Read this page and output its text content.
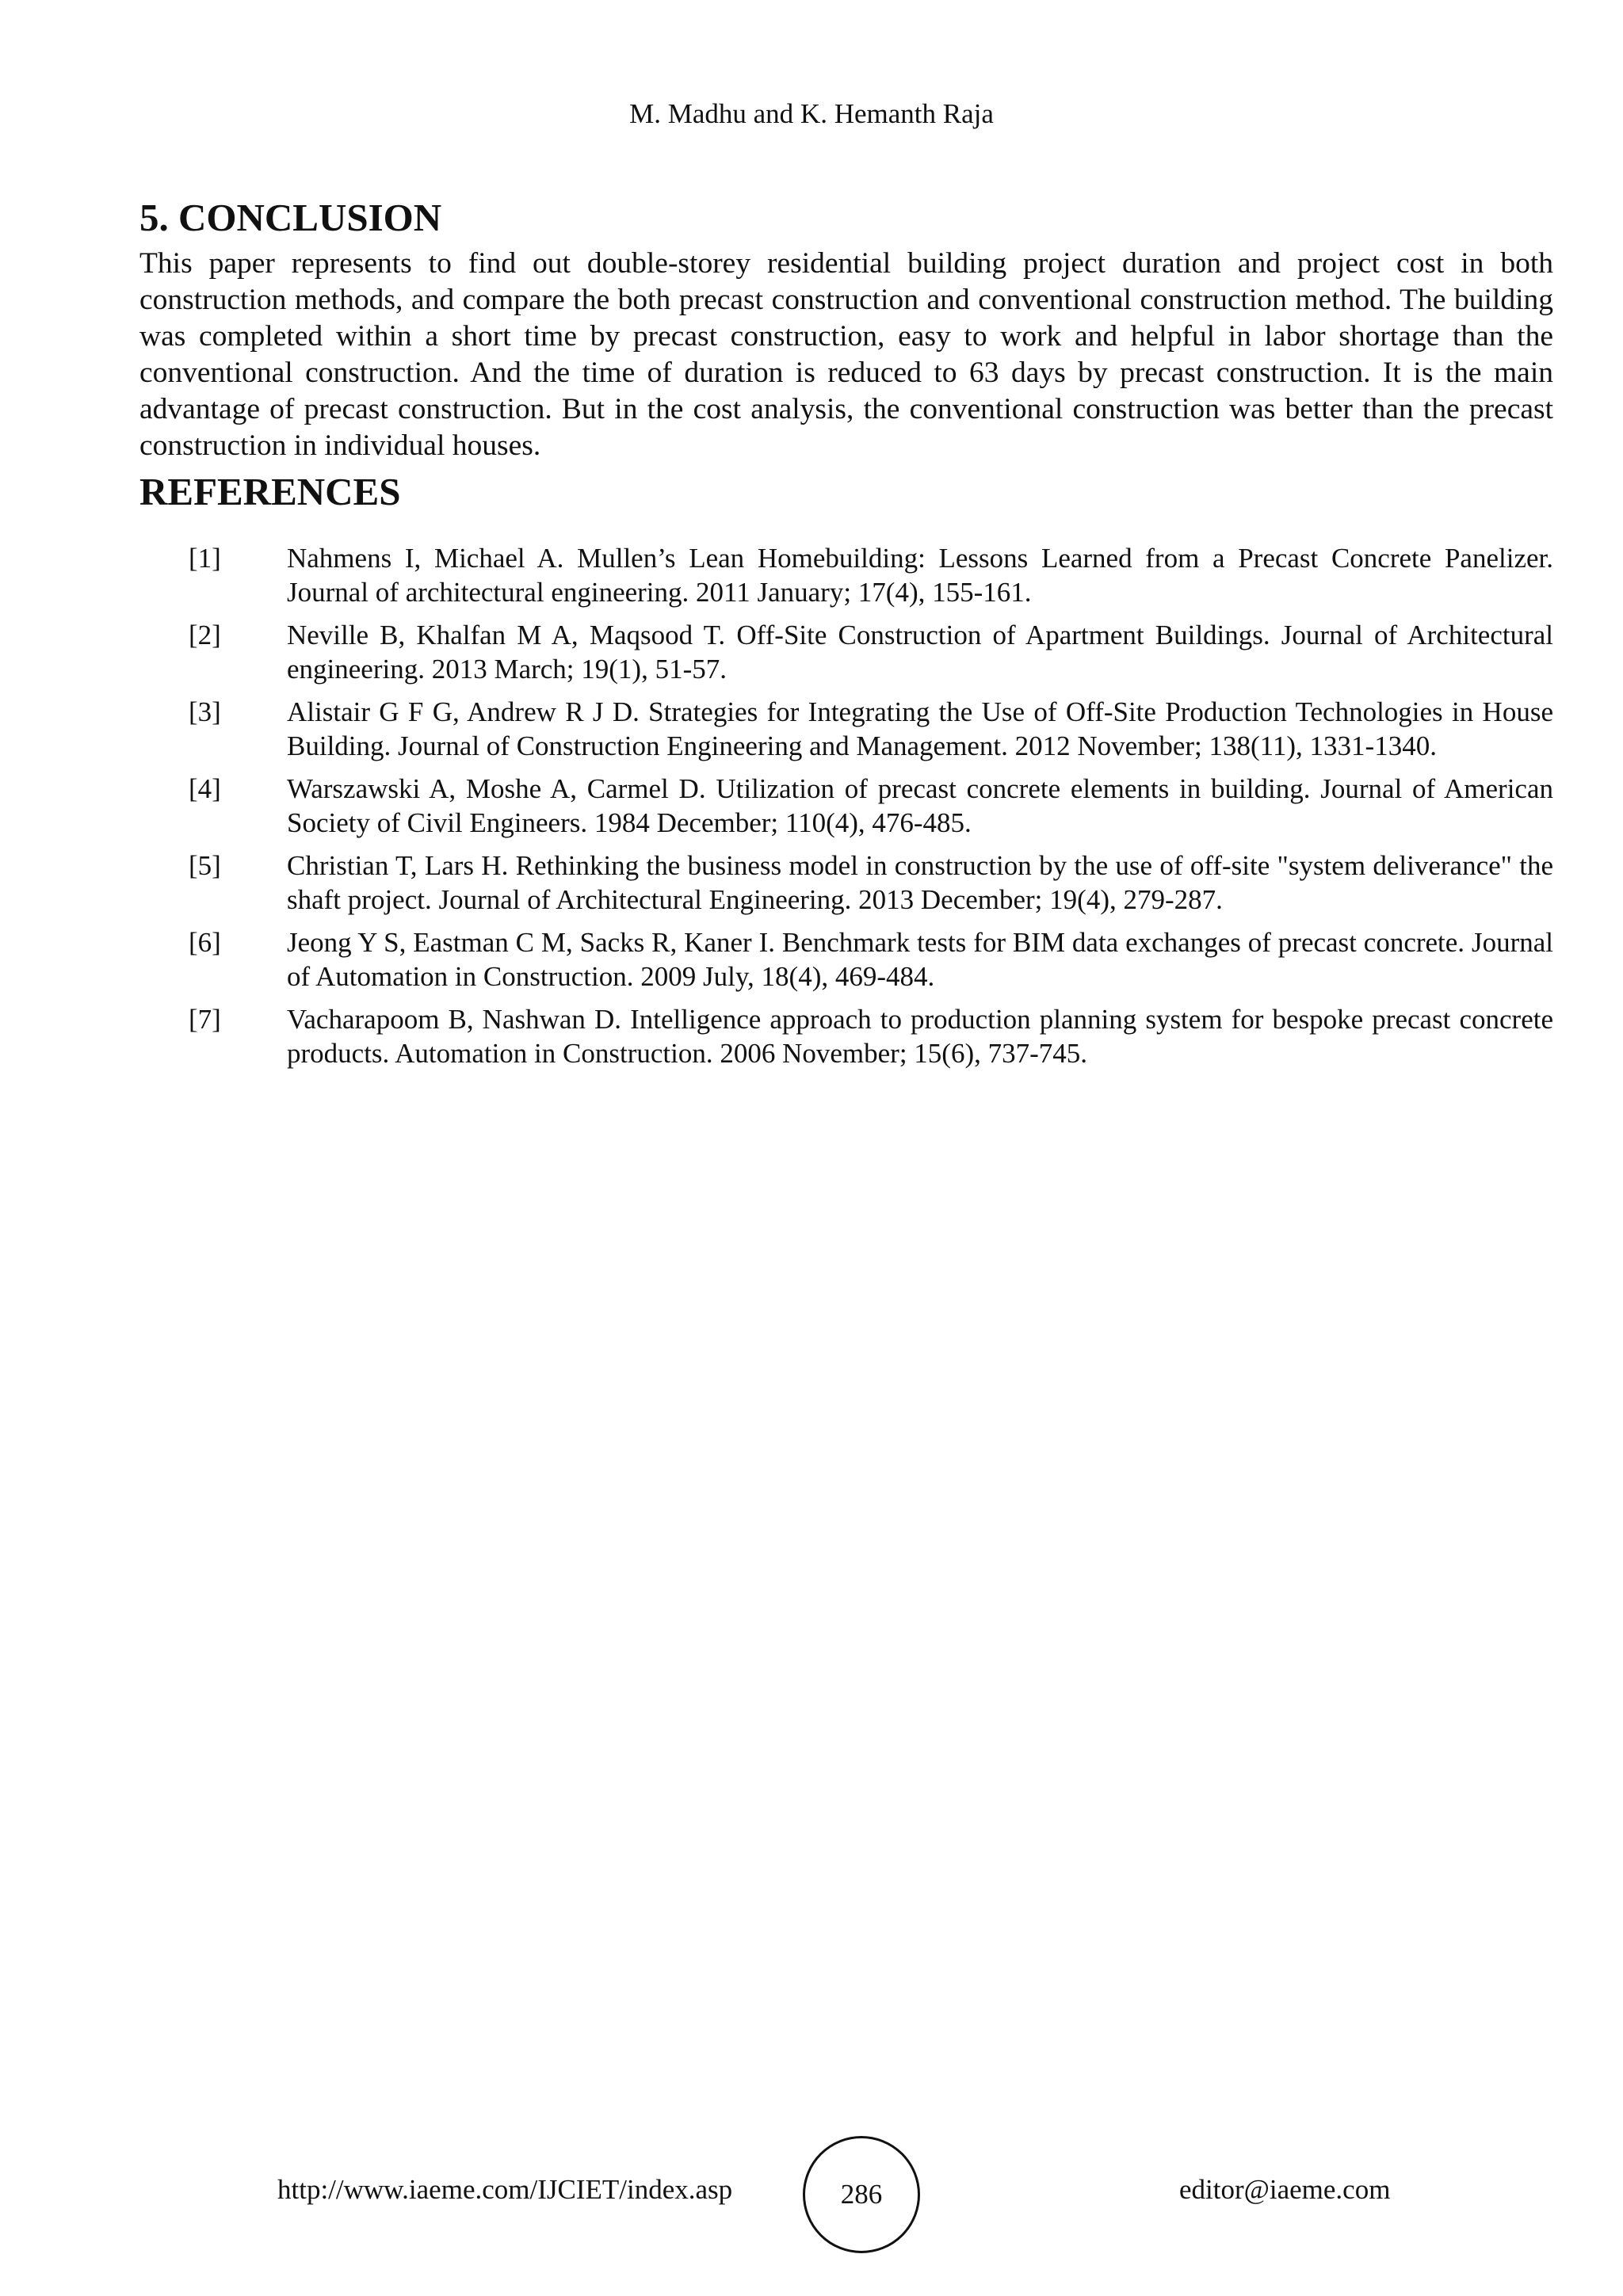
M. Madhu and K. Hemanth Raja
5. CONCLUSION

This paper represents to find out double-storey residential building project duration and project cost in both construction methods, and compare the both precast construction and conventional construction method. The building was completed within a short time by precast construction, easy to work and helpful in labor shortage than the conventional construction. And the time of duration is reduced to 63 days by precast construction. It is the main advantage of precast construction. But in the cost analysis, the conventional construction was better than the precast construction in individual houses.

REFERENCES
[1]	Nahmens I, Michael A. Mullen’s Lean Homebuilding: Lessons Learned from a Precast Concrete Panelizer. Journal of architectural engineering. 2011 January; 17(4), 155-161.
[2]	Neville B, Khalfan M A, Maqsood T. Off-Site Construction of Apartment Buildings. Journal of Architectural engineering. 2013 March; 19(1), 51-57.
[3]	Alistair G F G, Andrew R J D. Strategies for Integrating the Use of Off-Site Production Technologies in House Building. Journal of Construction Engineering and Management. 2012 November; 138(11), 1331-1340.
[4]	Warszawski A, Moshe A, Carmel D. Utilization of precast concrete elements in building. Journal of American Society of Civil Engineers. 1984 December; 110(4), 476-485.
[5]	Christian T, Lars H. Rethinking the business model in construction by the use of off-site "system deliverance" the shaft project. Journal of Architectural Engineering. 2013 December; 19(4), 279-287.
[6]	Jeong Y S, Eastman C M, Sacks R, Kaner I. Benchmark tests for BIM data exchanges of precast concrete. Journal of Automation in Construction. 2009 July, 18(4), 469-484.
[7]	Vacharapoom B, Nashwan D. Intelligence approach to production planning system for bespoke precast concrete products. Automation in Construction. 2006 November; 15(6), 737-745.
http://www.iaeme.com/IJCIET/index.asp	286	editor@iaeme.com
